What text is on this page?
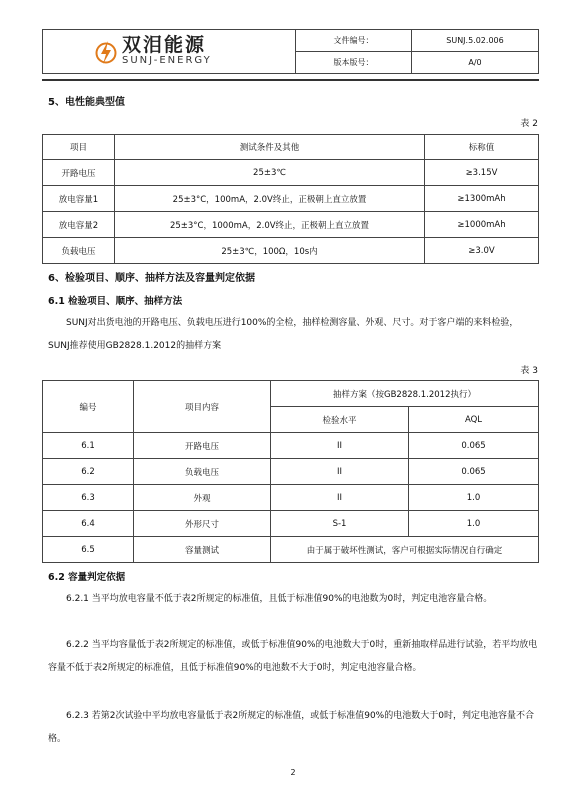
双泪能源
SUNJ-ENERGY	文件编号：	SUNJ.5.02.006
	版本版号：	A/0
5、电性能典型值
表 2
项目	测试条件及其他	标称值
开路电压	25±3℃	≥3.15V
放电容量1	25±3°C，100mA，2.0V终止，正极朝上直立放置	≥1300mAh
放电容量2	25±3°C，1000mA，2.0V终止，正极朝上直立放置	≥1000mAh
负载电压	25±3℃，100Ω，10s内	≥3.0V
6、检验项目、顺序、抽样方法及容量判定依据
6.1 检验项目、顺序、抽样方法
SUNJ对出货电池的开路电压、负载电压进行100%的全检，抽样检测容量、外观、尺寸。对于客户端的来料检验，SUNJ推荐使用GB2828.1.2012的抽样方案
表 3
编号	项目内容	抽样方案（按GB2828.1.2012执行）	
		检验水平	AQL
6.1	开路电压	II	0.065
6.2	负载电压	II	0.065
6.3	外观	II	1.0
6.4	外形尺寸	S-1	1.0
6.5	容量测试	由于属于破坏性测试，客户可根据实际情况自行确定	
6.2 容量判定依据
6.2.1 当平均放电容量不低于表2所规定的标准值，且低于标准值90%的电池数为0时，判定电池容量合格。
6.2.2 当平均容量低于表2所规定的标准值，或低于标准值90%的电池数大于0时，重新抽取样品进行试验，若平均放电容量不低于表2所规定的标准值，且低于标准值90%的电池数不大于0时，判定电池容量合格。
6.2.3 若第2次试验中平均放电容量低于表2所规定的标准值，或低于标准值90%的电池数大于0时，判定电池容量不合格。
2
